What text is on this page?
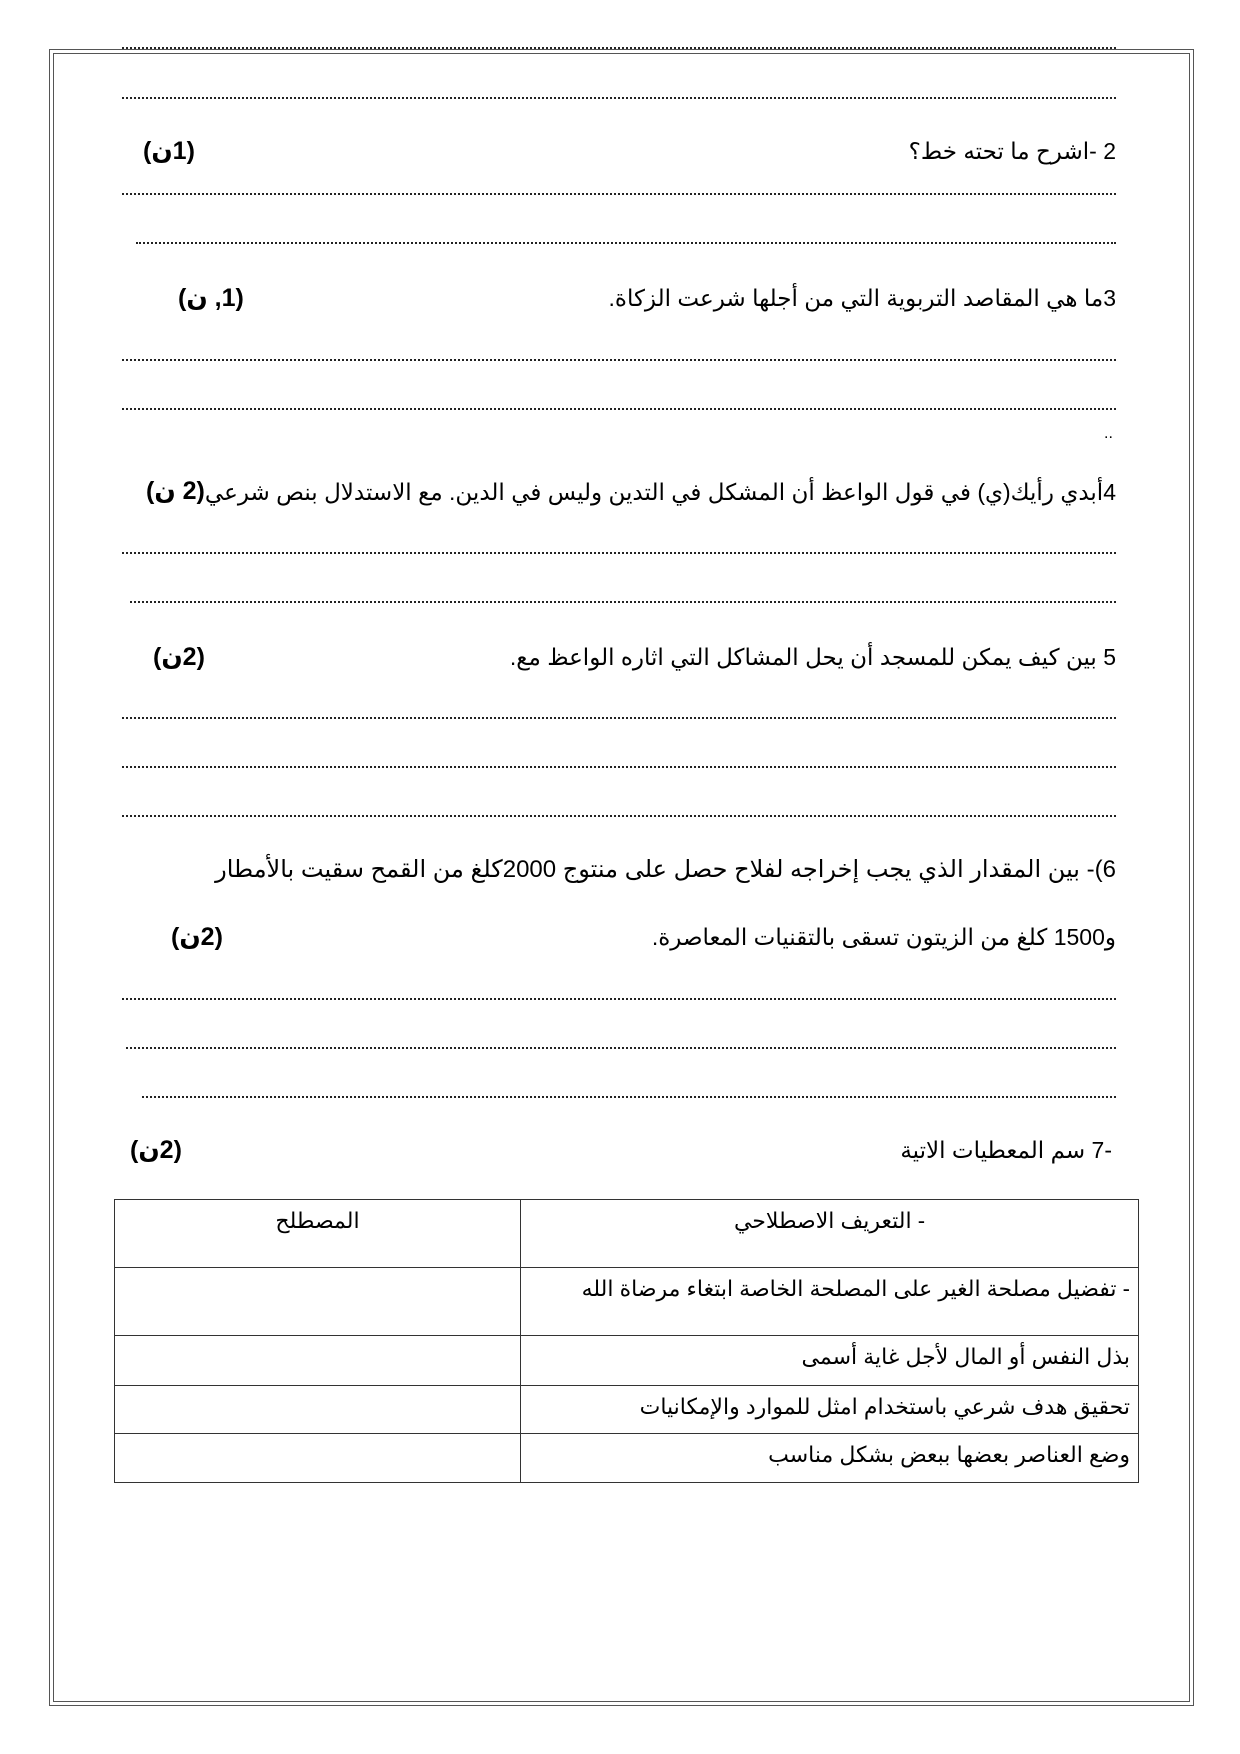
2 -اشرح ما تحته خط؟
(1ن)
3ما هي المقاصد التربوية التي من أجلها شرعت الزكاة.
(1, ن)
..
4أبدي رأيك(ي) في قول الواعظ أن المشكل في التدين وليس في الدين. مع الاستدلال بنص شرعي
(2 ن)
5 بين كيف يمكن للمسجد أن يحل المشاكل التي اثاره الواعظ مع.
(2ن)
6)- بين المقدار الذي يجب إخراجه لفلاح حصل على منتوج 2000كلغ من القمح سقيت بالأمطار
و1500 كلغ من الزيتون تسقى بالتقنيات المعاصرة.
(2ن)
-7 سم المعطيات الاتية
(2ن)
- التعريف الاصطلاحي	المصطلح
- تفضيل مصلحة الغير على المصلحة الخاصة ابتغاء مرضاة الله	
بذل النفس أو المال لأجل غاية أسمى	
تحقيق هدف شرعي باستخدام امثل للموارد والإمكانيات	
وضع العناصر بعضها ببعض بشكل مناسب	
